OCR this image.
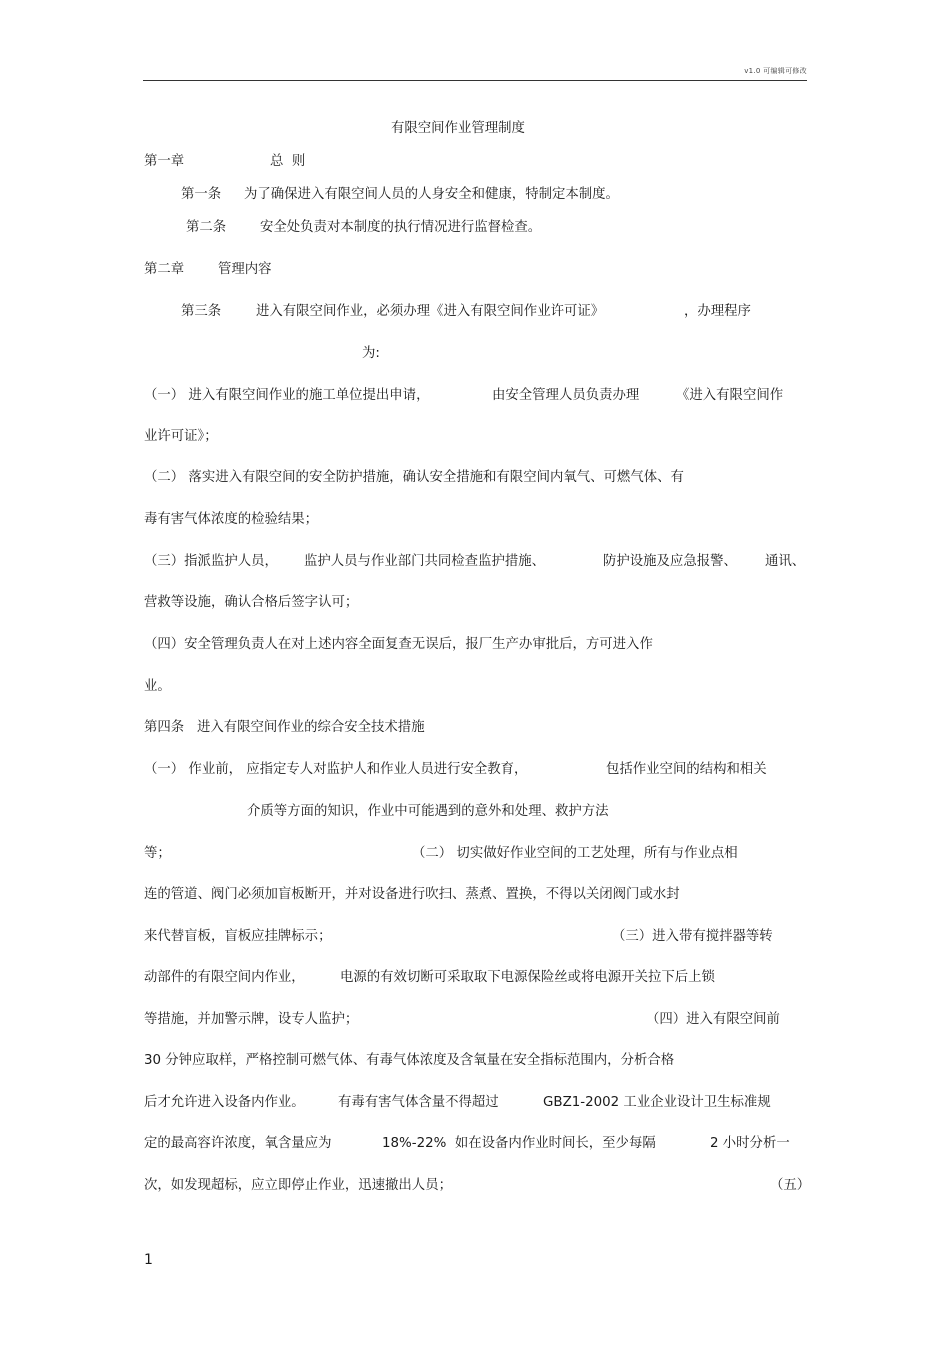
v1.0 可编辑可修改
有限空间作业管理制度
第一章	总  则
第一条 为了确保进入有限空间人员的人身安全和健康，特制定本制度。
第二条	安全处负责对本制度的执行情况进行监督检查。
第二章	管理内容
第三条	进入有限空间作业，必须办理《进入有限空间作业许可证》	，办理程序
为:
（一） 进入有限空间作业的施工单位提出申请，	由安全管理人员负责办理	《进入有限空间作
业许可证》；
（二） 落实进入有限空间的安全防护措施，确认安全措施和有限空间内氧气、可燃气体、有
毒有害气体浓度的检验结果；
（三）指派监护人员， 监护人员与作业部门共同检查监护措施、	防护设施及应急报警、 通讯、
营救等设施，确认合格后签字认可；
（四）安全管理负责人在对上述内容全面复查无误后，报厂生产办审批后，方可进入作
业。
第四条   进入有限空间作业的综合安全技术措施
（一） 作业前， 应指定专人对监护人和作业人员进行安全教育，	包括作业空间的结构和相关
介质等方面的知识，作业中可能遇到的意外和处理、救护方法
等；	（二） 切实做好作业空间的工艺处理，所有与作业点相
连的管道、阀门必须加盲板断开，并对设备进行吹扫、蒸煮、置换，不得以关闭阀门或水封
来代替盲板，盲板应挂牌标示；	（三）进入带有搅拌器等转
动部件的有限空间内作业，	电源的有效切断可采取取下电源保险丝或将电源开关拉下后上锁
等措施，并加警示牌，设专人监护；	（四）进入有限空间前
30 分钟应取样，严格控制可燃气体、有毒气体浓度及含氧量在安全指标范围内，分析合格
后才允许进入设备内作业。 有毒有害气体含量不得超过	GBZ1-2002 工业企业设计卫生标准规
定的最高容许浓度，氧含量应为	18%-22%  如在设备内作业时间长，至少每隔	2 小时分析一
次，如发现超标，应立即停止作业，迅速撤出人员；	（五）
1
